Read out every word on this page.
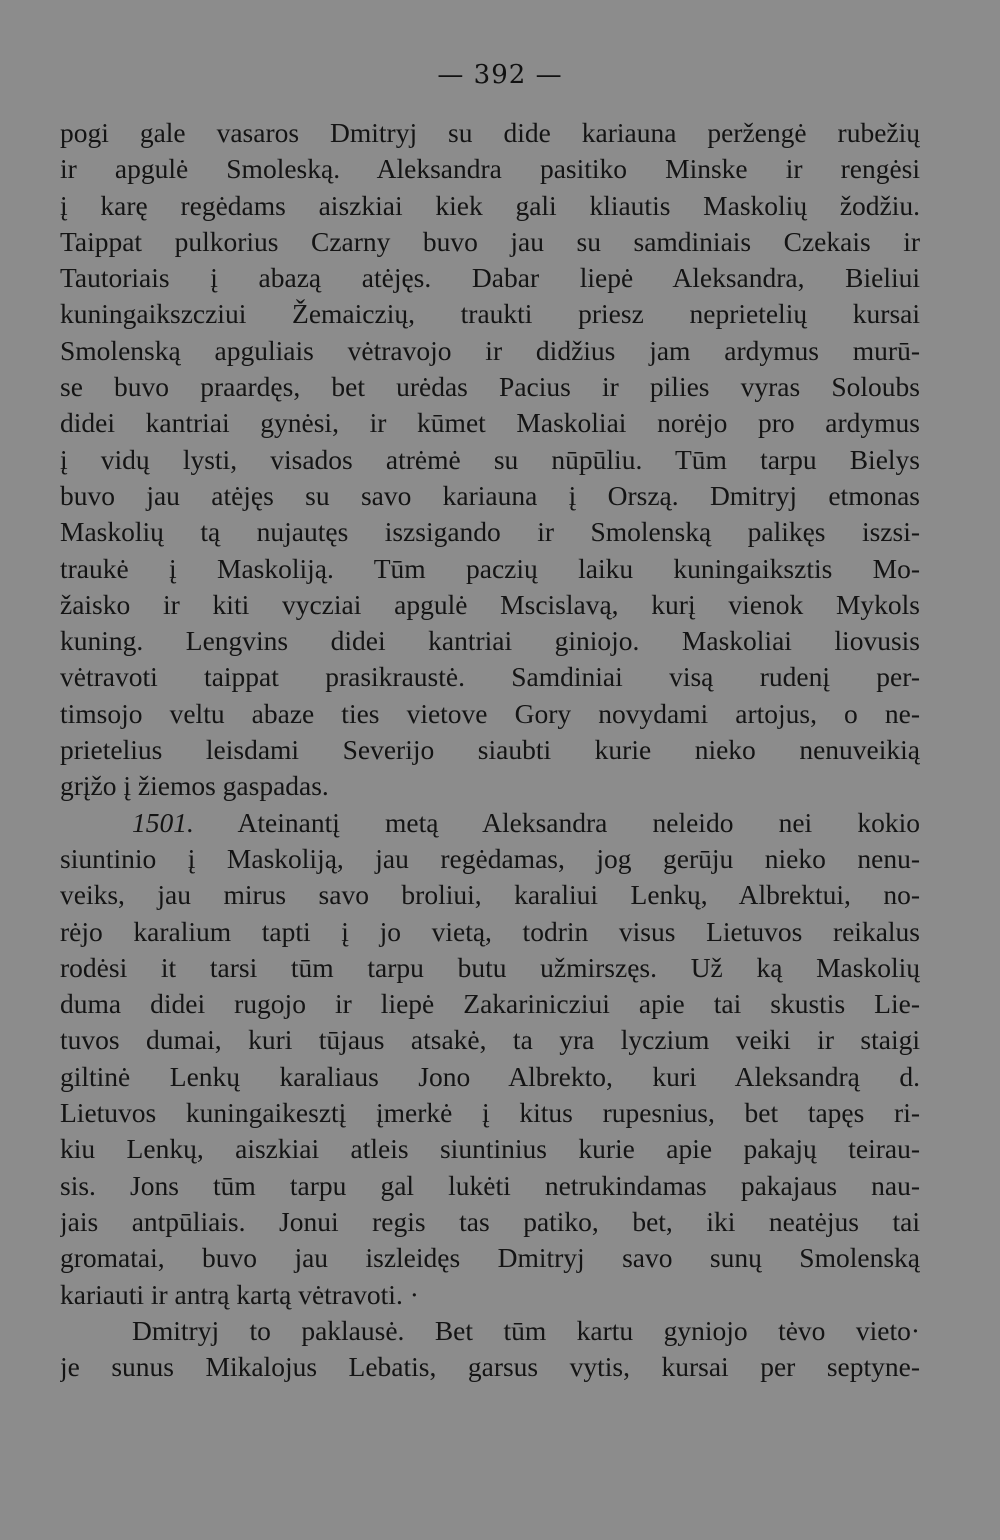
— 392 —
pogi gale vasaros Dmitryj su dide kariauna peržengė rubežių
ir apgulė Smoleską. Aleksandra pasitiko Minske ir rengėsi
į karę regėdams aiszkiai kiek gali kliautis Maskolių žodžiu.
Taippat pulkorius Czarny buvo jau su samdiniais Czekais ir
Tautoriais į abazą atėjęs. Dabar liepė Aleksandra, Bieliui
kuningaikszcziui Žemaiczių, traukti priesz neprietelių kursai
Smolenską apguliais vėtravojo ir didžius jam ardymus murū-
se buvo praardęs, bet urėdas Pacius ir pilies vyras Soloubs
didei kantriai gynėsi, ir kūmet Maskoliai norėjo pro ardymus
į vidų lysti, visados atrėmė su nūpūliu. Tūm tarpu Bielys
buvo jau atėjęs su savo kariauna į Orszą. Dmitryj etmonas
Maskolių tą nujautęs iszsigando ir Smolenską palikęs iszsi-
traukė į Maskoliją. Tūm paczių laiku kuningaiksztis Mo-
žaisko ir kiti vycziai apgulė Mscislavą, kurį vienok Mykols
kuning. Lengvins didei kantriai giniojo. Maskoliai liovusis
vėtravoti taippat prasikraustė. Samdiniai visą rudenį per-
timsojo veltu abaze ties vietove Gory novydami artojus, o ne-
prietelius leisdami Severijo siaubti kurie nieko nenuveikią
grįžo į žiemos gaspadas.
1501. Ateinantį metą Aleksandra neleido nei kokio
siuntinio į Maskoliją, jau regėdamas, jog gerūju nieko nenu-
veiks, jau mirus savo broliui, karaliui Lenkų, Albrektui, no-
rėjo karalium tapti į jo vietą, todrin visus Lietuvos reikalus
rodėsi it tarsi tūm tarpu butu užmirszęs. Už ką Maskolių
duma didei rugojo ir liepė Zakarinicziui apie tai skustis Lie-
tuvos dumai, kuri tūjaus atsakė, ta yra lyczium veiki ir staigi
giltinė Lenkų karaliaus Jono Albrekto, kuri Aleksandrą d.
Lietuvos kuningaikesztį įmerkė į kitus rupesnius, bet tapęs ri-
kiu Lenkų, aiszkiai atleis siuntinius kurie apie pakajų teirau-
sis. Jons tūm tarpu gal lukėti netrukindamas pakajaus nau-
jais antpūliais. Jonui regis tas patiko, bet, iki neatėjus tai
gromatai, buvo jau iszleidęs Dmitryj savo sunų Smolenską
kariauti ir antrą kartą vėtravoti. ·
Dmitryj to paklausė. Bet tūm kartu gyniojo tėvo vieto·
je sunus Mikalojus Lebatis, garsus vytis, kursai per septyne-
